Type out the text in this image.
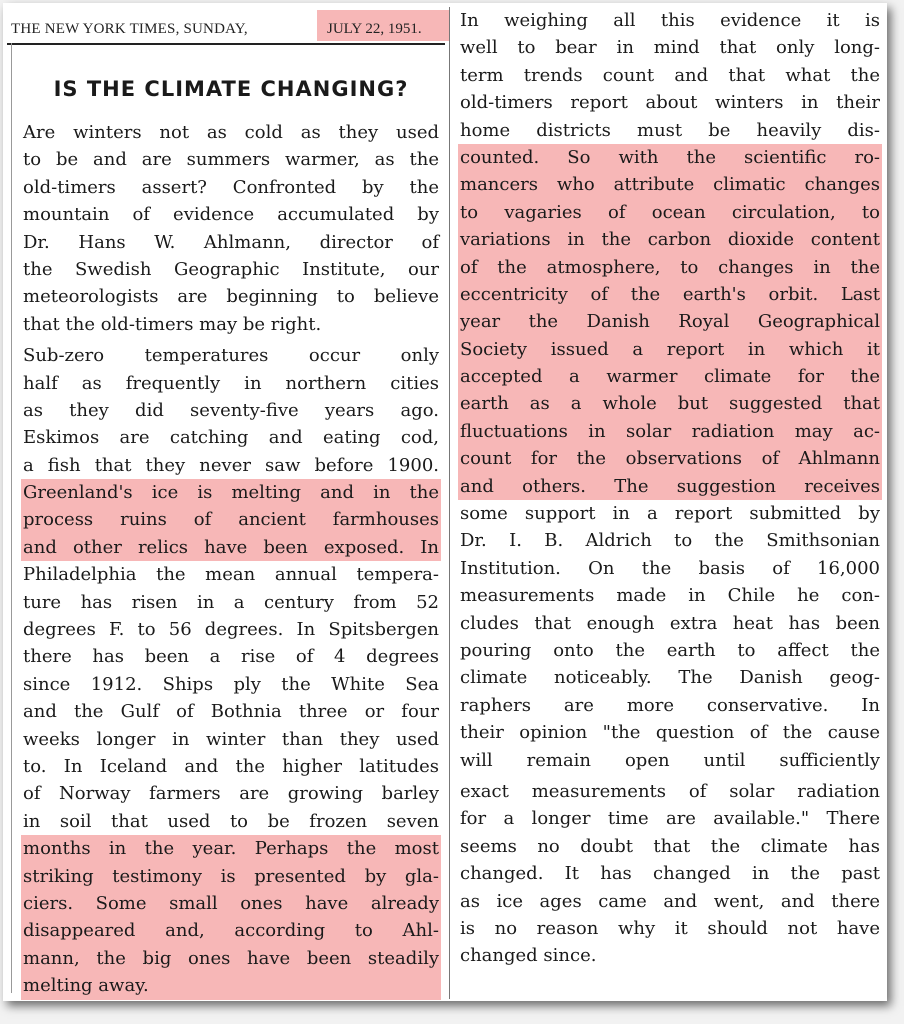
THE NEW YORK TIMES, SUNDAY,	JULY 22, 1951.
IS THE CLIMATE CHANGING?
Are winters not as cold as they used
to be and are summers warmer, as the
old-timers assert? Confronted by the
mountain of evidence accumulated by
Dr. Hans W. Ahlmann, director of
the Swedish Geographic Institute, our
meteorologists are beginning to believe
that the old-timers may be right.
Sub-zero temperatures occur only
half as frequently in northern cities
as they did seventy-five years ago.
Eskimos are catching and eating cod,
a fish that they never saw before 1900.
Greenland's ice is melting and in the
process ruins of ancient farmhouses
and other relics have been exposed. In
Philadelphia the mean annual tempera-
ture has risen in a century from 52
degrees F. to 56 degrees. In Spitsbergen
there has been a rise of 4 degrees
since 1912. Ships ply the White Sea
and the Gulf of Bothnia three or four
weeks longer in winter than they used
to. In Iceland and the higher latitudes
of Norway farmers are growing barley
in soil that used to be frozen seven
months in the year. Perhaps the most
striking testimony is presented by gla-
ciers. Some small ones have already
disappeared and, according to Ahl-
mann, the big ones have been steadily
melting away.
In weighing all this evidence it is
well to bear in mind that only long-
term trends count and that what the
old-timers report about winters in their
home districts must be heavily dis-
counted. So with the scientific ro-
mancers who attribute climatic changes
to vagaries of ocean circulation, to
variations in the carbon dioxide content
of the atmosphere, to changes in the
eccentricity of the earth's orbit. Last
year the Danish Royal Geographical
Society issued a report in which it
accepted a warmer climate for the
earth as a whole but suggested that
fluctuations in solar radiation may ac-
count for the observations of Ahlmann
and others. The suggestion receives
some support in a report submitted by
Dr. I. B. Aldrich to the Smithsonian
Institution. On the basis of 16,000
measurements made in Chile he con-
cludes that enough extra heat has been
pouring onto the earth to affect the
climate noticeably. The Danish geog-
raphers are more conservative. In
their opinion "the question of the cause
will remain open until sufficiently
exact measurements of solar radiation
for a longer time are available." There
seems no doubt that the climate has
changed. It has changed in the past
as ice ages came and went, and there
is no reason why it should not have
changed since.
